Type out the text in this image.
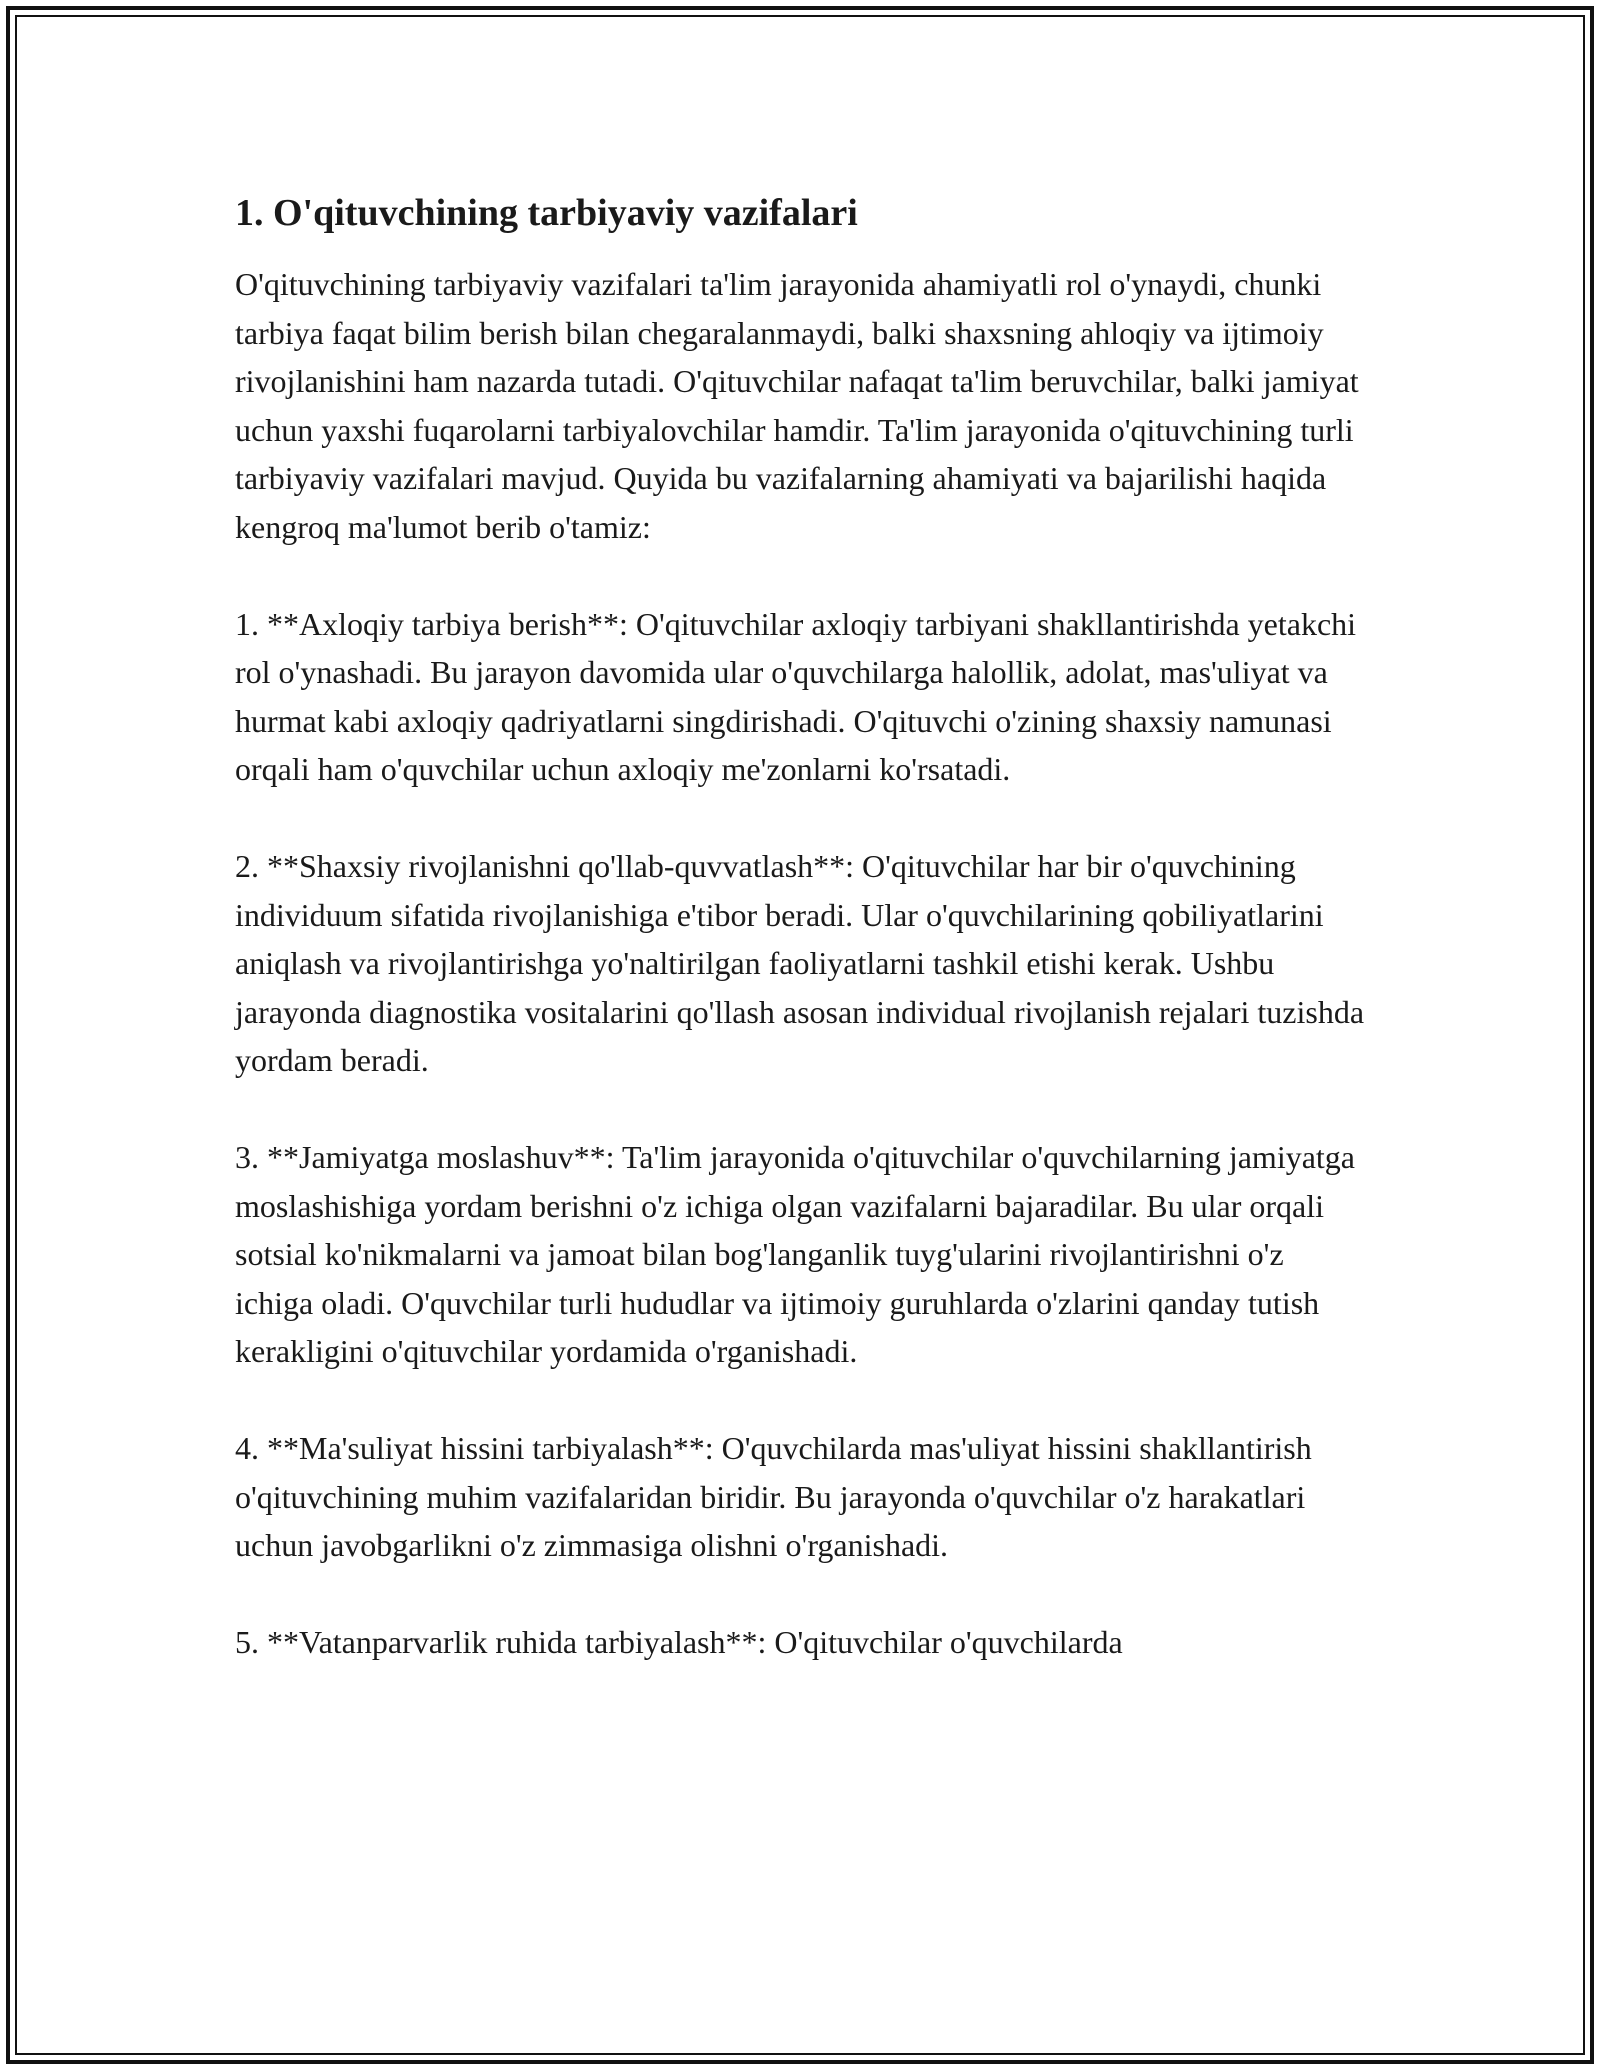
1. O'qituvchining tarbiyaviy vazifalari

O'qituvchining tarbiyaviy vazifalari ta'lim jarayonida ahamiyatli rol o'ynaydi, chunki tarbiya faqat bilim berish bilan chegaralanmaydi, balki shaxsning ahloqiy va ijtimoiy rivojlanishini ham nazarda tutadi. O'qituvchilar nafaqat ta'lim beruvchilar, balki jamiyat uchun yaxshi fuqarolarni tarbiyalovchilar hamdir. Ta'lim jarayonida o'qituvchining turli tarbiyaviy vazifalari mavjud. Quyida bu vazifalarning ahamiyati va bajarilishi haqida kengroq ma'lumot berib o'tamiz:

1. **Axloqiy tarbiya berish**: O'qituvchilar axloqiy tarbiyani shakllantirishda yetakchi rol o'ynashadi. Bu jarayon davomida ular o'quvchilarga halollik, adolat, mas'uliyat va hurmat kabi axloqiy qadriyatlarni singdirishadi. O'qituvchi o'zining shaxsiy namunasi orqali ham o'quvchilar uchun axloqiy me'zonlarni ko'rsatadi.

2. **Shaxsiy rivojlanishni qo'llab-quvvatlash**: O'qituvchilar har bir o'quvchining individuum sifatida rivojlanishiga e'tibor beradi. Ular o'quvchilarining qobiliyatlarini aniqlash va rivojlantirishga yo'naltirilgan faoliyatlarni tashkil etishi kerak. Ushbu jarayonda diagnostika vositalarini qo'llash asosan individual rivojlanish rejalari tuzishda yordam beradi.

3. **Jamiyatga moslashuv**: Ta'lim jarayonida o'qituvchilar o'quvchilarning jamiyatga moslashishiga yordam berishni o'z ichiga olgan vazifalarni bajaradilar. Bu ular orqali sotsial ko'nikmalarni va jamoat bilan bog'langanlik tuyg'ularini rivojlantirishni o'z ichiga oladi. O'quvchilar turli hududlar va ijtimoiy guruhlarda o'zlarini qanday tutish kerakligini o'qituvchilar yordamida o'rganishadi.

4. **Ma'suliyat hissini tarbiyalash**: O'quvchilarda mas'uliyat hissini shakllantirish o'qituvchining muhim vazifalaridan biridir. Bu jarayonda o'quvchilar o'z harakatlari uchun javobgarlikni o'z zimmasiga olishni o'rganishadi.

5. **Vatanparvarlik ruhida tarbiyalash**: O'qituvchilar o'quvchilarda
